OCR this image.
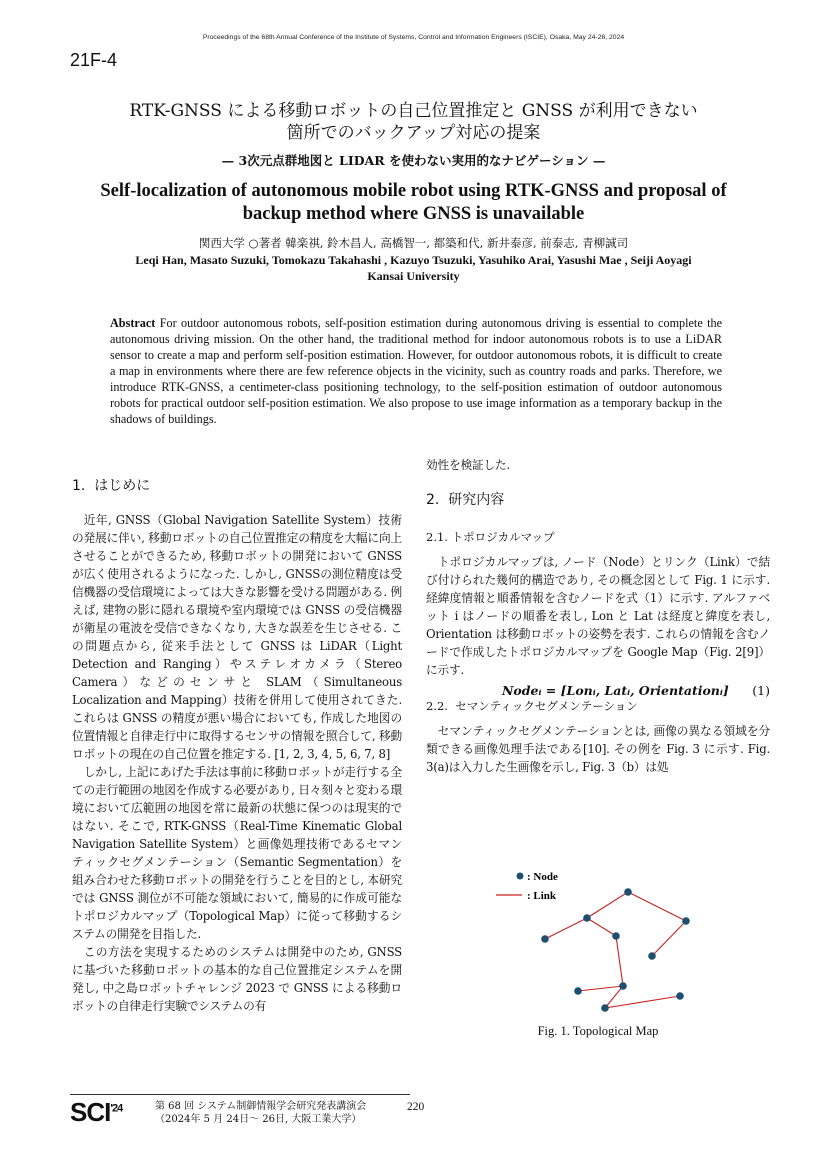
Proceedings of the 68th Annual Conference of the Institute of Systems, Control and Information Engineers (ISCIE), Osaka, May 24-26, 2024
21F-4
RTK-GNSS による移動ロボットの自己位置推定と GNSS が利用できない
箇所でのバックアップ対応の提案
— 3次元点群地図と LIDAR を使わない実用的なナビゲーション —
Self-localization of autonomous mobile robot using RTK-GNSS and proposal of
backup method where GNSS is unavailable
関西大学 ○著者 韓楽祺, 鈴木昌人, 高橋智一, 都築和代, 新井泰彦, 前泰志, 青柳誠司
Leqi Han, Masato Suzuki, Tomokazu Takahashi , Kazuyo Tsuzuki, Yasuhiko Arai, Yasushi Mae , Seiji Aoyagi
Kansai University
Abstract For outdoor autonomous robots, self-position estimation during autonomous driving is essential to complete the autonomous driving mission. On the other hand, the traditional method for indoor autonomous robots is to use a LiDAR sensor to create a map and perform self-position estimation. However, for outdoor autonomous robots, it is difficult to create a map in environments where there are few reference objects in the vicinity, such as country roads and parks. Therefore, we introduce RTK-GNSS, a centimeter-class positioning technology, to the self-position estimation of outdoor autonomous robots for practical outdoor self-position estimation. We also propose to use image information as a temporary backup in the shadows of buildings.

1.  はじめに

近年, GNSS（Global Navigation Satellite System）技術の発展に伴い, 移動ロボットの自己位置推定の精度を大幅に向上させることができるため, 移動ロボットの開発において GNSS が広く使用されるようになった. しかし, GNSSの測位精度は受信機器の受信環境によっては大きな影響を受ける問題がある. 例えば, 建物の影に隠れる環境や室内環境では GNSS の受信機器が衛星の電波を受信できなくなり, 大きな誤差を生じさせる. この問題点から, 従来手法として GNSS は LiDAR（Light Detection and Ranging）やステレオカメラ（Stereo Camera）などのセンサと SLAM（Simultaneous Localization and Mapping）技術を併用して使用されてきた. これらは GNSS の精度が悪い場合においても, 作成した地図の位置情報と自律走行中に取得するセンサの情報を照合して, 移動ロボットの現在の自己位置を推定する. [1, 2, 3, 4, 5, 6, 7, 8]

しかし, 上記にあげた手法は事前に移動ロボットが走行する全ての走行範囲の地図を作成する必要があり, 日々刻々と変わる環境において広範囲の地図を常に最新の状態に保つのは現実的ではない. そこで, RTK-GNSS（Real-Time Kinematic Global Navigation Satellite System）と画像処理技術であるセマンティックセグメンテーション（Semantic Segmentation）を組み合わせた移動ロボットの開発を行うことを目的とし, 本研究では GNSS 測位が不可能な領域において, 簡易的に作成可能なトポロジカルマップ（Topological Map）に従って移動するシステムの開発を目指した.

この方法を実現するためのシステムは開発中のため, GNSS に基づいた移動ロボットの基本的な自己位置推定システムを開発し, 中之島ロボットチャレンジ 2023 で GNSS による移動ロボットの自律走行実験でシステムの有

効性を検証した.

2.  研究内容

2.1. トポロジカルマップ

トポロジカルマップは, ノード（Node）とリンク（Link）で結び付けられた幾何的構造であり, その概念図として Fig. 1 に示す. 経緯度情報と順番情報を含むノードを式（1）に示す. アルファベット i はノードの順番を表し, Lon と Lat は経度と緯度を表し, Orientation は移動ロボットの姿勢を表す. これらの情報を含むノードで作成したトポロジカルマップを Google Map（Fig. 2[9]）に示す.

Nodeᵢ = [Lonᵢ, Latᵢ, Orientationᵢ] (1)

2.2.  セマンティックセグメンテーション

セマンティックセグメンテーションとは, 画像の異なる領域を分類できる画像処理手法である[10]. その例を Fig. 3 に示す. Fig. 3(a)は入力した生画像を示し, Fig. 3（b）は処

: Node
: Link
Fig. 1. Topological Map
$SCI^{'24}$	第 68 回 システム制御情報学会研究発表講演会
（2024年 5 月 24日～ 26日, 大阪工業大学）
220
